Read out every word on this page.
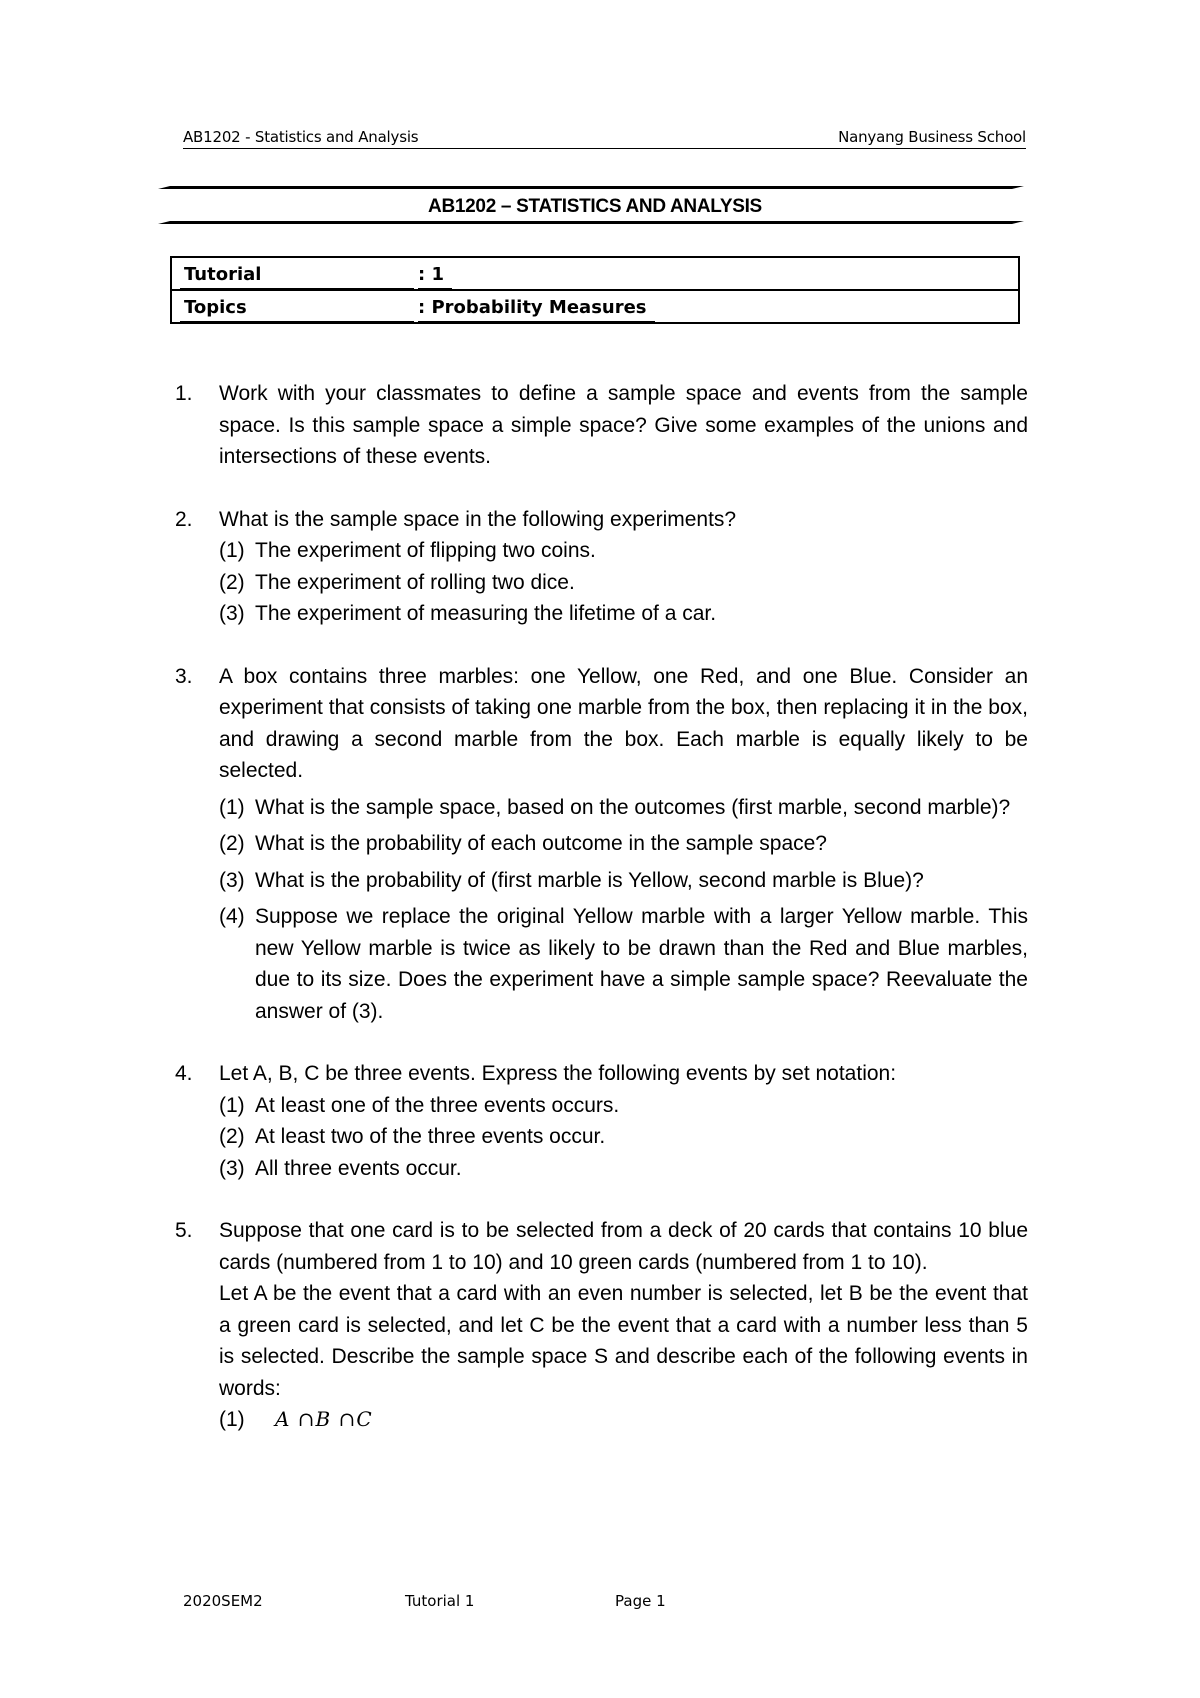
AB1202 - Statistics and Analysis	Nanyang Business School
AB1202 – STATISTICS AND ANALYSIS
Tutorial	: 1
Topics	: Probability Measures
1. Work with your classmates to define a sample space and events from the sample space. Is this sample space a simple space? Give some examples of the unions and intersections of these events.
2. What is the sample space in the following experiments?
(1) The experiment of flipping two coins.
(2) The experiment of rolling two dice.
(3) The experiment of measuring the lifetime of a car.
3. A box contains three marbles: one Yellow, one Red, and one Blue. Consider an experiment that consists of taking one marble from the box, then replacing it in the box, and drawing a second marble from the box. Each marble is equally likely to be selected.
(1) What is the sample space, based on the outcomes (first marble, second marble)?
(2) What is the probability of each outcome in the sample space?
(3) What is the probability of (first marble is Yellow, second marble is Blue)?
(4) Suppose we replace the original Yellow marble with a larger Yellow marble. This new Yellow marble is twice as likely to be drawn than the Red and Blue marbles, due to its size. Does the experiment have a simple sample space? Reevaluate the answer of (3).
4. Let A, B, C be three events. Express the following events by set notation:
(1) At least one of the three events occurs.
(2) At least two of the three events occur.
(3) All three events occur.
5. Suppose that one card is to be selected from a deck of 20 cards that contains 10 blue cards (numbered from 1 to 10) and 10 green cards (numbered from 1 to 10).
Let A be the event that a card with an even number is selected, let B be the event that a green card is selected, and let C be the event that a card with a number less than 5 is selected. Describe the sample space S and describe each of the following events in words:
(1) A ∩B ∩C
2020SEM2	Tutorial 1	Page 1
